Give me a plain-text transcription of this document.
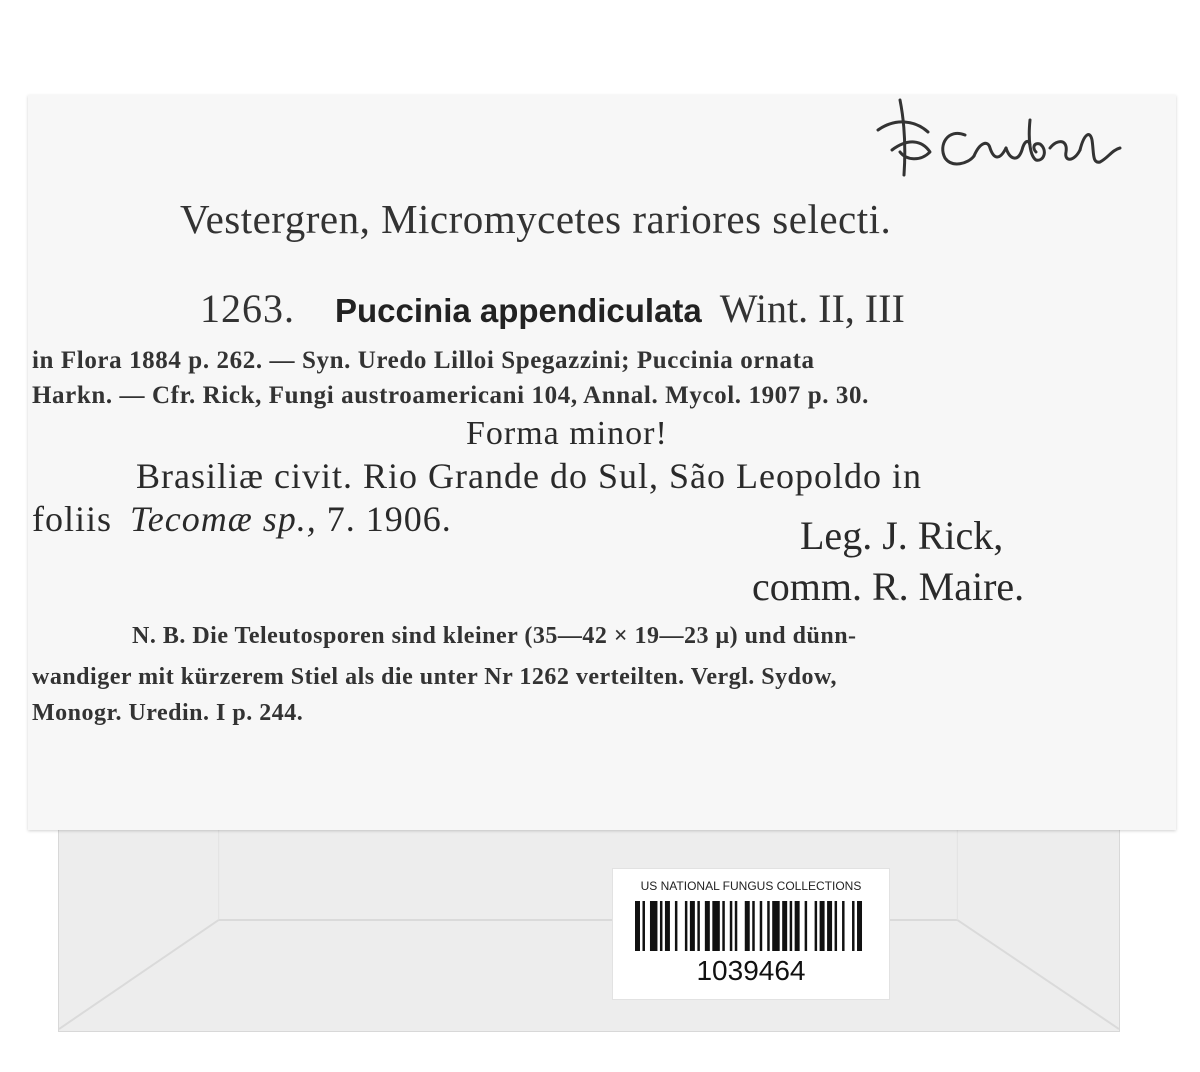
Vestergren, Micromycetes rariores selecti.
1263. Puccinia appendiculata Wint. II, III
in Flora 1884 p. 262. — Syn. Uredo Lilloi Spegazzini; Puccinia ornata
Harkn. — Cfr. Rick, Fungi austroamericani 104, Annal. Mycol. 1907 p. 30.
Forma minor!
Brasiliæ civit. Rio Grande do Sul, São Leopoldo in
foliis Tecomæ sp., 7. 1906.	Leg. J. Rick,
comm. R. Maire.
N. B. Die Teleutosporen sind kleiner (35—42 × 19—23 μ) und dünn-
wandiger mit kürzerem Stiel als die unter Nr 1262 verteilten. Vergl. Sydow,
Monogr. Uredin. I p. 244.
US NATIONAL FUNGUS COLLECTIONS
1039464
